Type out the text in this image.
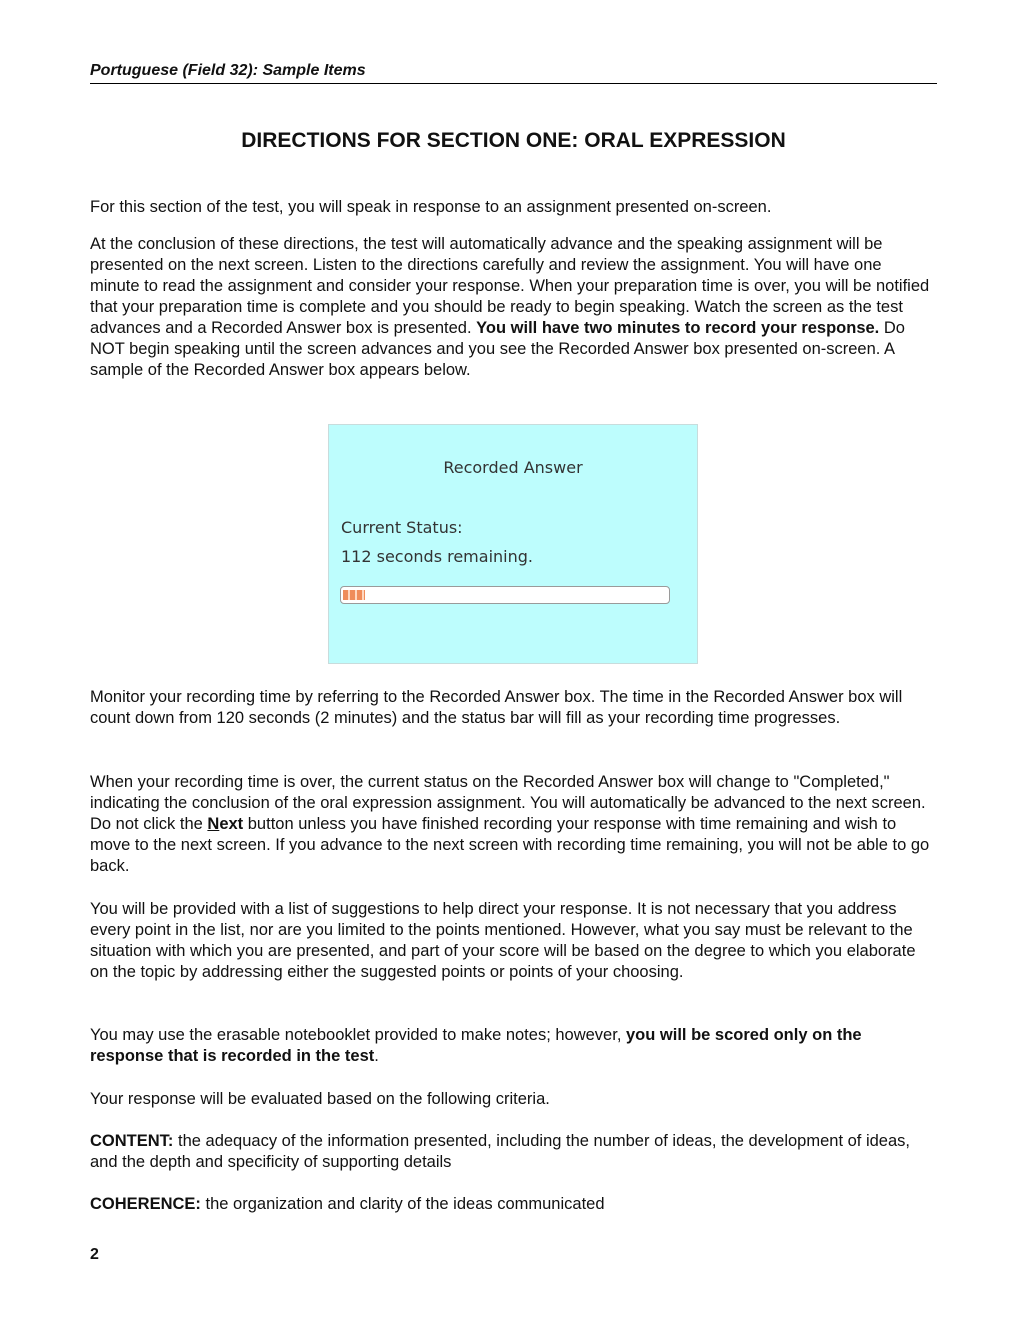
Portuguese (Field 32): Sample Items
DIRECTIONS FOR SECTION ONE: ORAL EXPRESSION

For this section of the test, you will speak in response to an assignment presented on-screen.

At the conclusion of these directions, the test will automatically advance and the speaking assignment will be presented on the next screen. Listen to the directions carefully and review the assignment. You will have one minute to read the assignment and consider your response. When your preparation time is over, you will be notified that your preparation time is complete and you should be ready to begin speaking. Watch the screen as the test advances and a Recorded Answer box is presented. You will have two minutes to record your response. Do NOT begin speaking until the screen advances and you see the Recorded Answer box presented on-screen. A sample of the Recorded Answer box appears below.

Recorded Answer
Current Status:
112 seconds remaining.

Monitor your recording time by referring to the Recorded Answer box. The time in the Recorded Answer box will count down from 120 seconds (2 minutes) and the status bar will fill as your recording time progresses.

When your recording time is over, the current status on the Recorded Answer box will change to "Completed," indicating the conclusion of the oral expression assignment. You will automatically be advanced to the next screen. Do not click the Next button unless you have finished recording your response with time remaining and wish to move to the next screen. If you advance to the next screen with recording time remaining, you will not be able to go back.

You will be provided with a list of suggestions to help direct your response. It is not necessary that you address every point in the list, nor are you limited to the points mentioned. However, what you say must be relevant to the situation with which you are presented, and part of your score will be based on the degree to which you elaborate on the topic by addressing either the suggested points or points of your choosing.

You may use the erasable notebooklet provided to make notes; however, you will be scored only on the response that is recorded in the test.

Your response will be evaluated based on the following criteria.

CONTENT: the adequacy of the information presented, including the number of ideas, the development of ideas, and the depth and specificity of supporting details

COHERENCE: the organization and clarity of the ideas communicated

2
